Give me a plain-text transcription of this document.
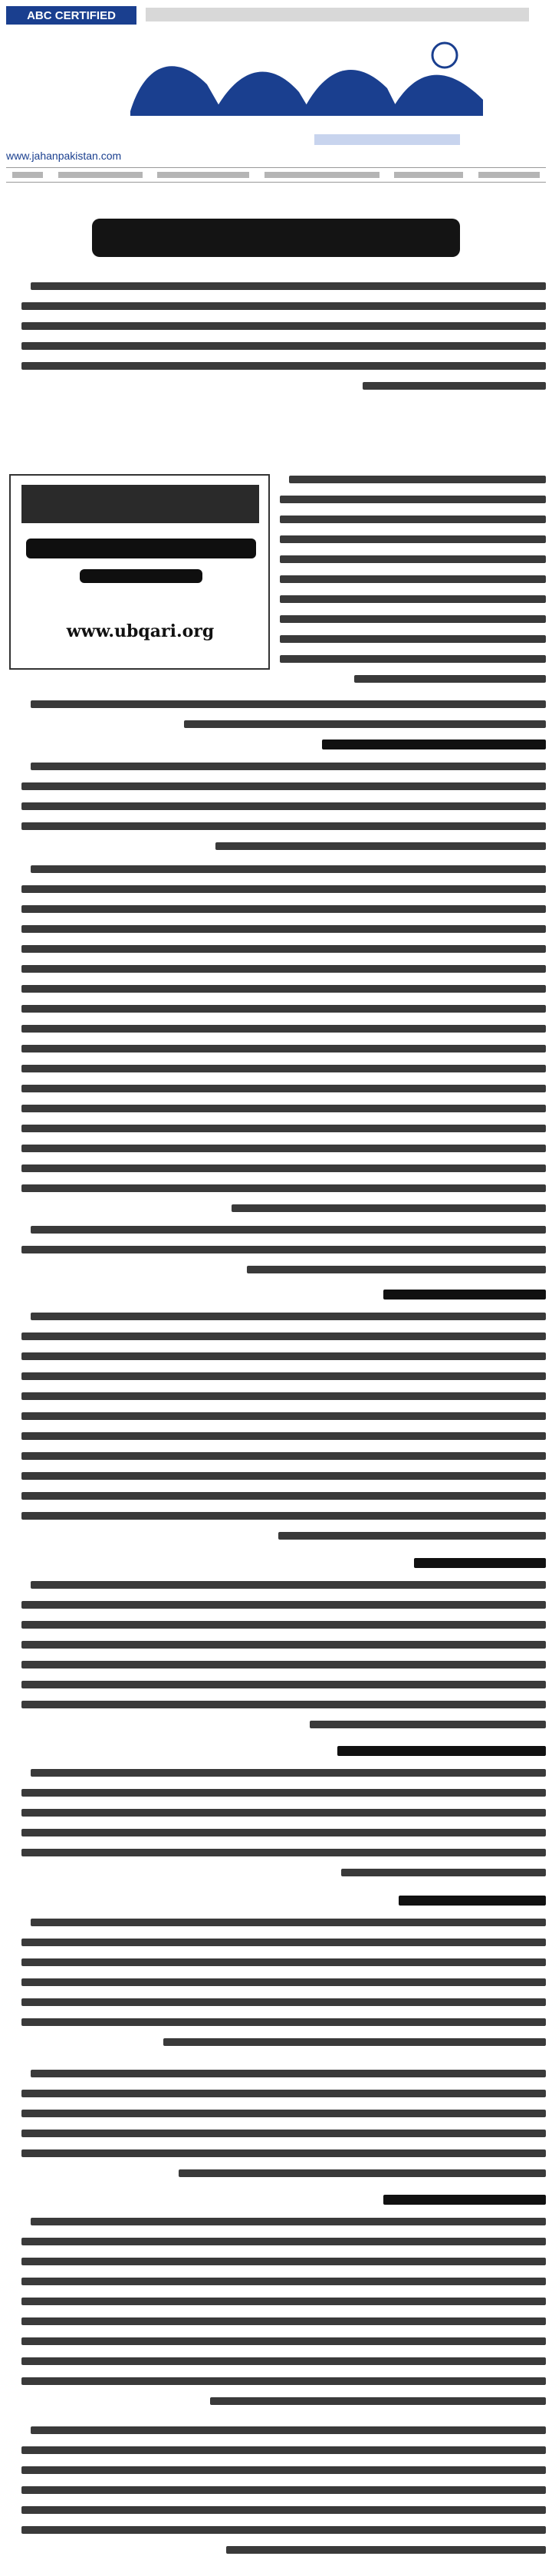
ABC CERTIFIED
www.jahanpakistan.com
www.ubqari.org
